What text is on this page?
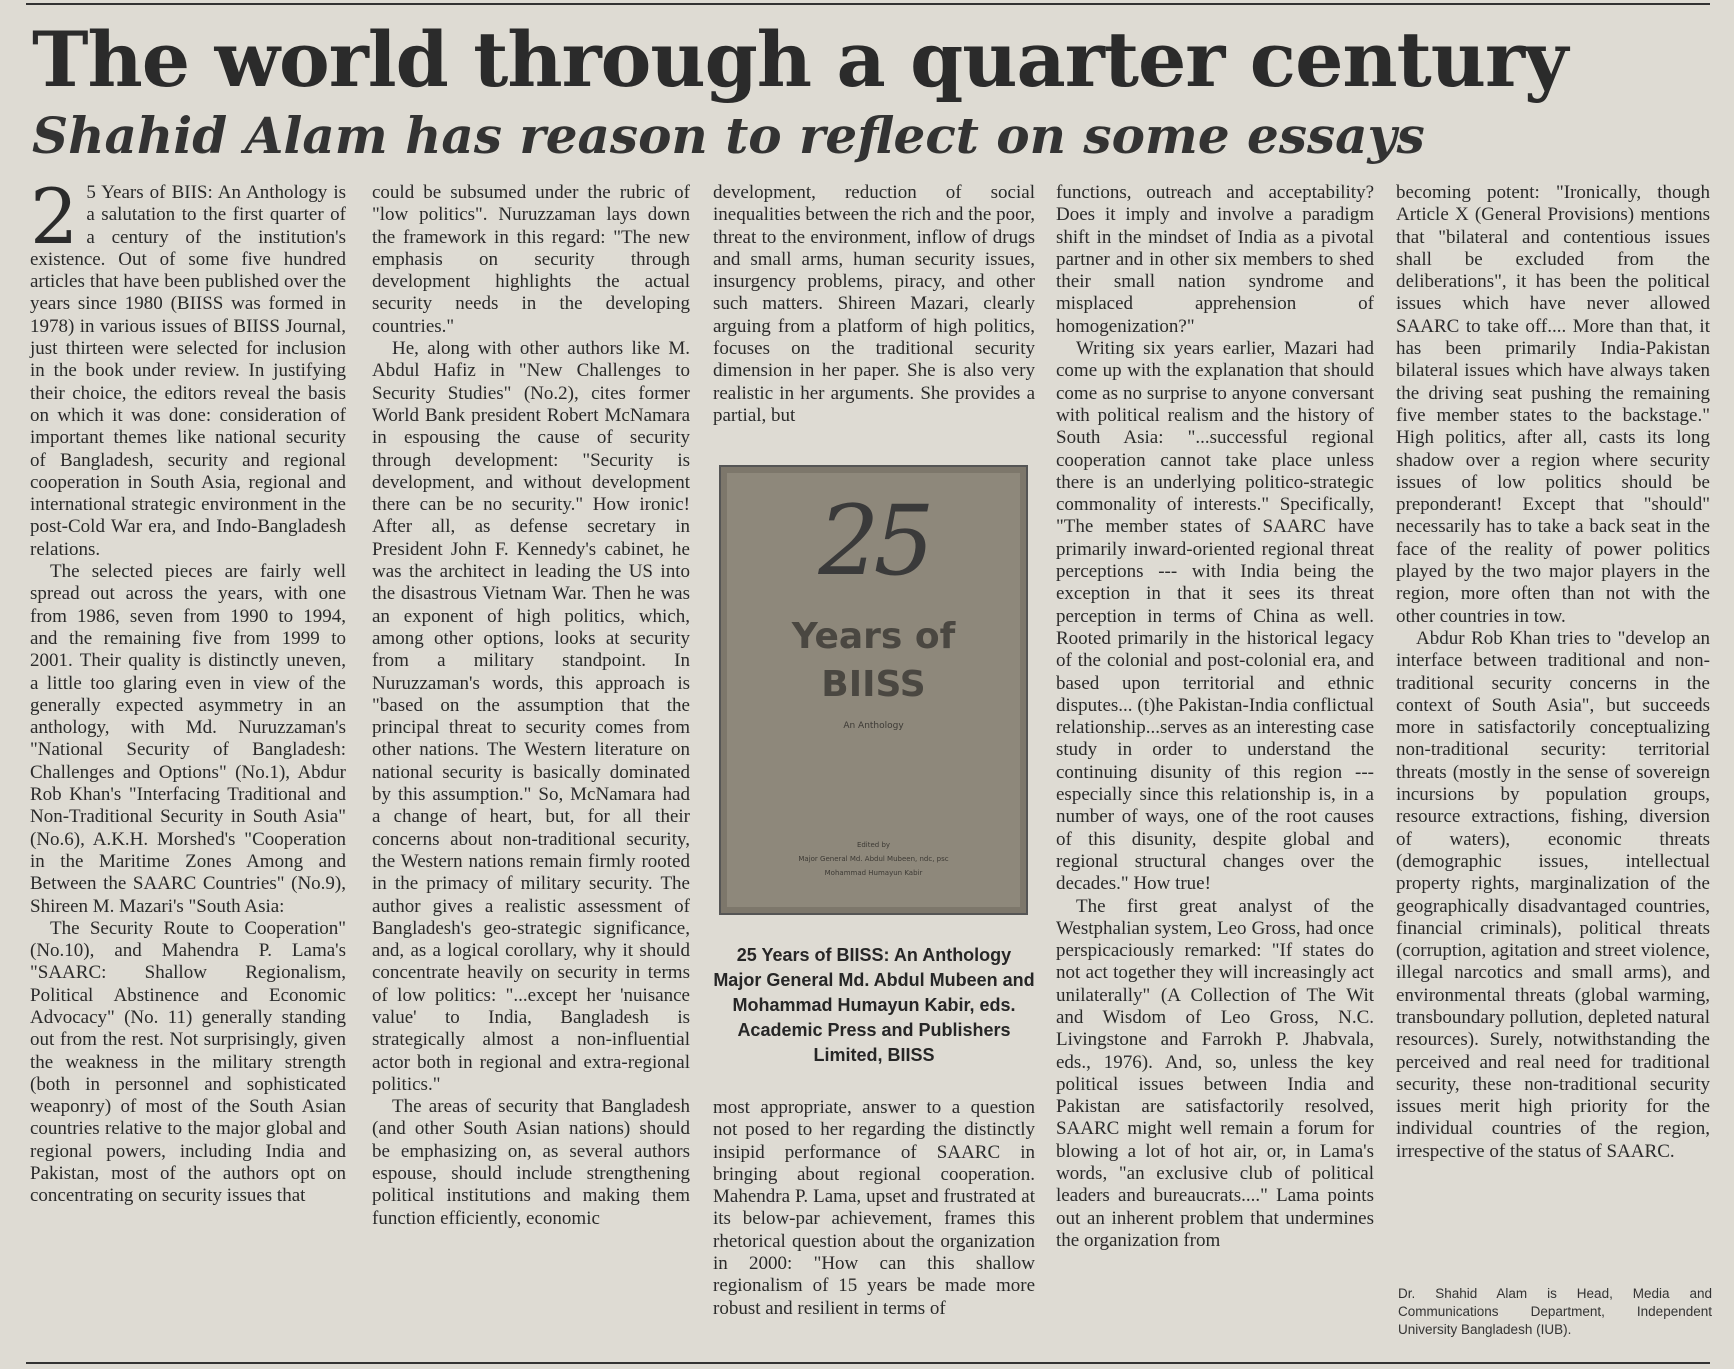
The world through a quarter century
Shahid Alam has reason to reflect on some essays

2 5 Years of BIIS: An Anthology is a salutation to the first quarter of a century of the institution's existence. Out of some five hundred articles that have been published over the years since 1980 (BIISS was formed in 1978) in various issues of BIISS Journal, just thirteen were selected for inclusion in the book under review. In justifying their choice, the editors reveal the basis on which it was done: consideration of important themes like national security of Bangladesh, security and regional cooperation in South Asia, regional and international strategic environment in the post-Cold War era, and Indo-Bangladesh relations.

The selected pieces are fairly well spread out across the years, with one from 1986, seven from 1990 to 1994, and the remaining five from 1999 to 2001. Their quality is distinctly uneven, a little too glaring even in view of the generally expected asymmetry in an anthology, with Md. Nuruzzaman's "National Security of Bangladesh: Challenges and Options" (No.1), Abdur Rob Khan's "Interfacing Traditional and Non-Traditional Security in South Asia" (No.6), A.K.H. Morshed's "Cooperation in the Maritime Zones Among and Between the SAARC Countries" (No.9), Shireen M. Mazari's "South Asia:

The Security Route to Cooperation" (No.10), and Mahendra P. Lama's "SAARC: Shallow Regionalism, Political Abstinence and Economic Advocacy" (No. 11) generally standing out from the rest. Not surprisingly, given the weakness in the military strength (both in personnel and sophisticated weaponry) of most of the South Asian countries relative to the major global and regional powers, including India and Pakistan, most of the authors opt on concentrating on security issues that

could be subsumed under the rubric of "low politics". Nuruzzaman lays down the framework in this regard: "The new emphasis on security through development highlights the actual security needs in the developing countries."

He, along with other authors like M. Abdul Hafiz in "New Challenges to Security Studies" (No.2), cites former World Bank president Robert McNamara in espousing the cause of security through development: "Security is development, and without development there can be no security." How ironic! After all, as defense secretary in President John F. Kennedy's cabinet, he was the architect in leading the US into the disastrous Vietnam War. Then he was an exponent of high politics, which, among other options, looks at security from a military standpoint. In Nuruzzaman's words, this approach is "based on the assumption that the principal threat to security comes from other nations. The Western literature on national security is basically dominated by this assumption." So, McNamara had a change of heart, but, for all their concerns about non-traditional security, the Western nations remain firmly rooted in the primacy of military security. The author gives a realistic assessment of Bangladesh's geo-strategic significance, and, as a logical corollary, why it should concentrate heavily on security in terms of low politics: "...except her 'nuisance value' to India, Bangladesh is strategically almost a non-influential actor both in regional and extra-regional politics."

The areas of security that Bangladesh (and other South Asian nations) should be emphasizing on, as several authors espouse, should include strengthening political institutions and making them function efficiently, economic

development, reduction of social inequalities between the rich and the poor, threat to the environment, inflow of drugs and small arms, human security issues, insurgency problems, piracy, and other such matters. Shireen Mazari, clearly arguing from a platform of high politics, focuses on the traditional security dimension in her paper. She is also very realistic in her arguments. She provides a partial, but

25
Years of
BIISS
An Anthology
Edited by
Major General Md. Abdul Mubeen, ndc, psc
Mohammad Humayun Kabir
25 Years of BIISS: An Anthology Major General Md. Abdul Mubeen and Mohammad Humayun Kabir, eds. Academic Press and Publishers Limited, BIISS

most appropriate, answer to a question not posed to her regarding the distinctly insipid performance of SAARC in bringing about regional cooperation. Mahendra P. Lama, upset and frustrated at its below-par achievement, frames this rhetorical question about the organization in 2000: "How can this shallow regionalism of 15 years be made more robust and resilient in terms of

functions, outreach and acceptability? Does it imply and involve a paradigm shift in the mindset of India as a pivotal partner and in other six members to shed their small nation syndrome and misplaced apprehension of homogenization?"

Writing six years earlier, Mazari had come up with the explanation that should come as no surprise to anyone conversant with political realism and the history of South Asia: "...successful regional cooperation cannot take place unless there is an underlying politico-strategic commonality of interests." Specifically, "The member states of SAARC have primarily inward-oriented regional threat perceptions --- with India being the exception in that it sees its threat perception in terms of China as well. Rooted primarily in the historical legacy of the colonial and post-colonial era, and based upon territorial and ethnic disputes... (t)he Pakistan-India conflictual relationship...serves as an interesting case study in order to understand the continuing disunity of this region --- especially since this relationship is, in a number of ways, one of the root causes of this disunity, despite global and regional structural changes over the decades." How true!

The first great analyst of the Westphalian system, Leo Gross, had once perspicaciously remarked: "If states do not act together they will increasingly act unilaterally" (A Collection of The Wit and Wisdom of Leo Gross, N.C. Livingstone and Farrokh P. Jhabvala, eds., 1976). And, so, unless the key political issues between India and Pakistan are satisfactorily resolved, SAARC might well remain a forum for blowing a lot of hot air, or, in Lama's words, "an exclusive club of political leaders and bureaucrats...." Lama points out an inherent problem that undermines the organization from

becoming potent: "Ironically, though Article X (General Provisions) mentions that "bilateral and contentious issues shall be excluded from the deliberations", it has been the political issues which have never allowed SAARC to take off.... More than that, it has been primarily India-Pakistan bilateral issues which have always taken the driving seat pushing the remaining five member states to the backstage." High politics, after all, casts its long shadow over a region where security issues of low politics should be preponderant! Except that "should" necessarily has to take a back seat in the face of the reality of power politics played by the two major players in the region, more often than not with the other countries in tow.

Abdur Rob Khan tries to "develop an interface between traditional and non-traditional security concerns in the context of South Asia", but succeeds more in satisfactorily conceptualizing non-traditional security: territorial threats (mostly in the sense of sovereign incursions by population groups, resource extractions, fishing, diversion of waters), economic threats (demographic issues, intellectual property rights, marginalization of the geographically disadvantaged countries, financial criminals), political threats (corruption, agitation and street violence, illegal narcotics and small arms), and environmental threats (global warming, transboundary pollution, depleted natural resources). Surely, notwithstanding the perceived and real need for traditional security, these non-traditional security issues merit high priority for the individual countries of the region, irrespective of the status of SAARC.

Dr. Shahid Alam is Head, Media and Communications Department, Independent University Bangladesh (IUB).
